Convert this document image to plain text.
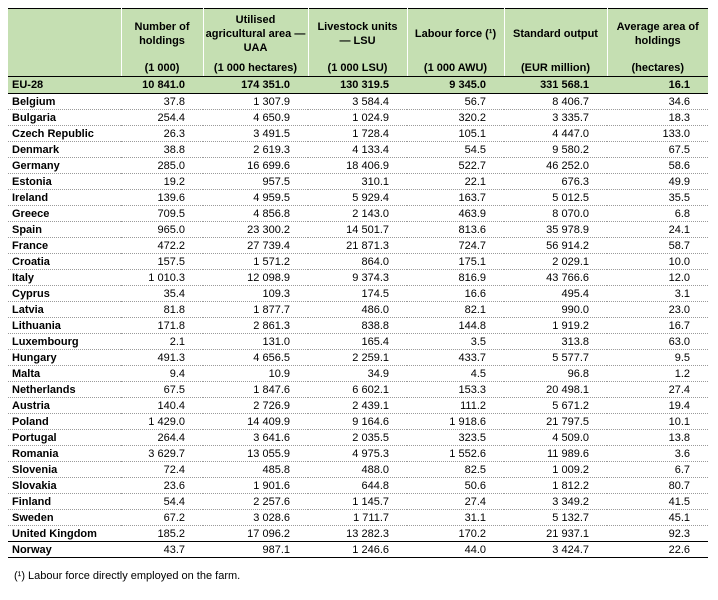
	Number of holdings	Utilised agricultural area — UAA	Livestock units — LSU	Labour force (¹)	Standard output	Average area of holdings
	(1 000)	(1 000 hectares)	(1 000 LSU)	(1 000 AWU)	(EUR million)	(hectares)
EU-28	10 841.0	174 351.0	130 319.5	9 345.0	331 568.1	16.1
Belgium	37.8	1 307.9	3 584.4	56.7	8 406.7	34.6
Bulgaria	254.4	4 650.9	1 024.9	320.2	3 335.7	18.3
Czech Republic	26.3	3 491.5	1 728.4	105.1	4 447.0	133.0
Denmark	38.8	2 619.3	4 133.4	54.5	9 580.2	67.5
Germany	285.0	16 699.6	18 406.9	522.7	46 252.0	58.6
Estonia	19.2	957.5	310.1	22.1	676.3	49.9
Ireland	139.6	4 959.5	5 929.4	163.7	5 012.5	35.5
Greece	709.5	4 856.8	2 143.0	463.9	8 070.0	6.8
Spain	965.0	23 300.2	14 501.7	813.6	35 978.9	24.1
France	472.2	27 739.4	21 871.3	724.7	56 914.2	58.7
Croatia	157.5	1 571.2	864.0	175.1	2 029.1	10.0
Italy	1 010.3	12 098.9	9 374.3	816.9	43 766.6	12.0
Cyprus	35.4	109.3	174.5	16.6	495.4	3.1
Latvia	81.8	1 877.7	486.0	82.1	990.0	23.0
Lithuania	171.8	2 861.3	838.8	144.8	1 919.2	16.7
Luxembourg	2.1	131.0	165.4	3.5	313.8	63.0
Hungary	491.3	4 656.5	2 259.1	433.7	5 577.7	9.5
Malta	9.4	10.9	34.9	4.5	96.8	1.2
Netherlands	67.5	1 847.6	6 602.1	153.3	20 498.1	27.4
Austria	140.4	2 726.9	2 439.1	111.2	5 671.2	19.4
Poland	1 429.0	14 409.9	9 164.6	1 918.6	21 797.5	10.1
Portugal	264.4	3 641.6	2 035.5	323.5	4 509.0	13.8
Romania	3 629.7	13 055.9	4 975.3	1 552.6	11 989.6	3.6
Slovenia	72.4	485.8	488.0	82.5	1 009.2	6.7
Slovakia	23.6	1 901.6	644.8	50.6	1 812.2	80.7
Finland	54.4	2 257.6	1 145.7	27.4	3 349.2	41.5
Sweden	67.2	3 028.6	1 711.7	31.1	5 132.7	45.1
United Kingdom	185.2	17 096.2	13 282.3	170.2	21 937.1	92.3
Norway	43.7	987.1	1 246.6	44.0	3 424.7	22.6
(¹) Labour force directly employed on the farm.
